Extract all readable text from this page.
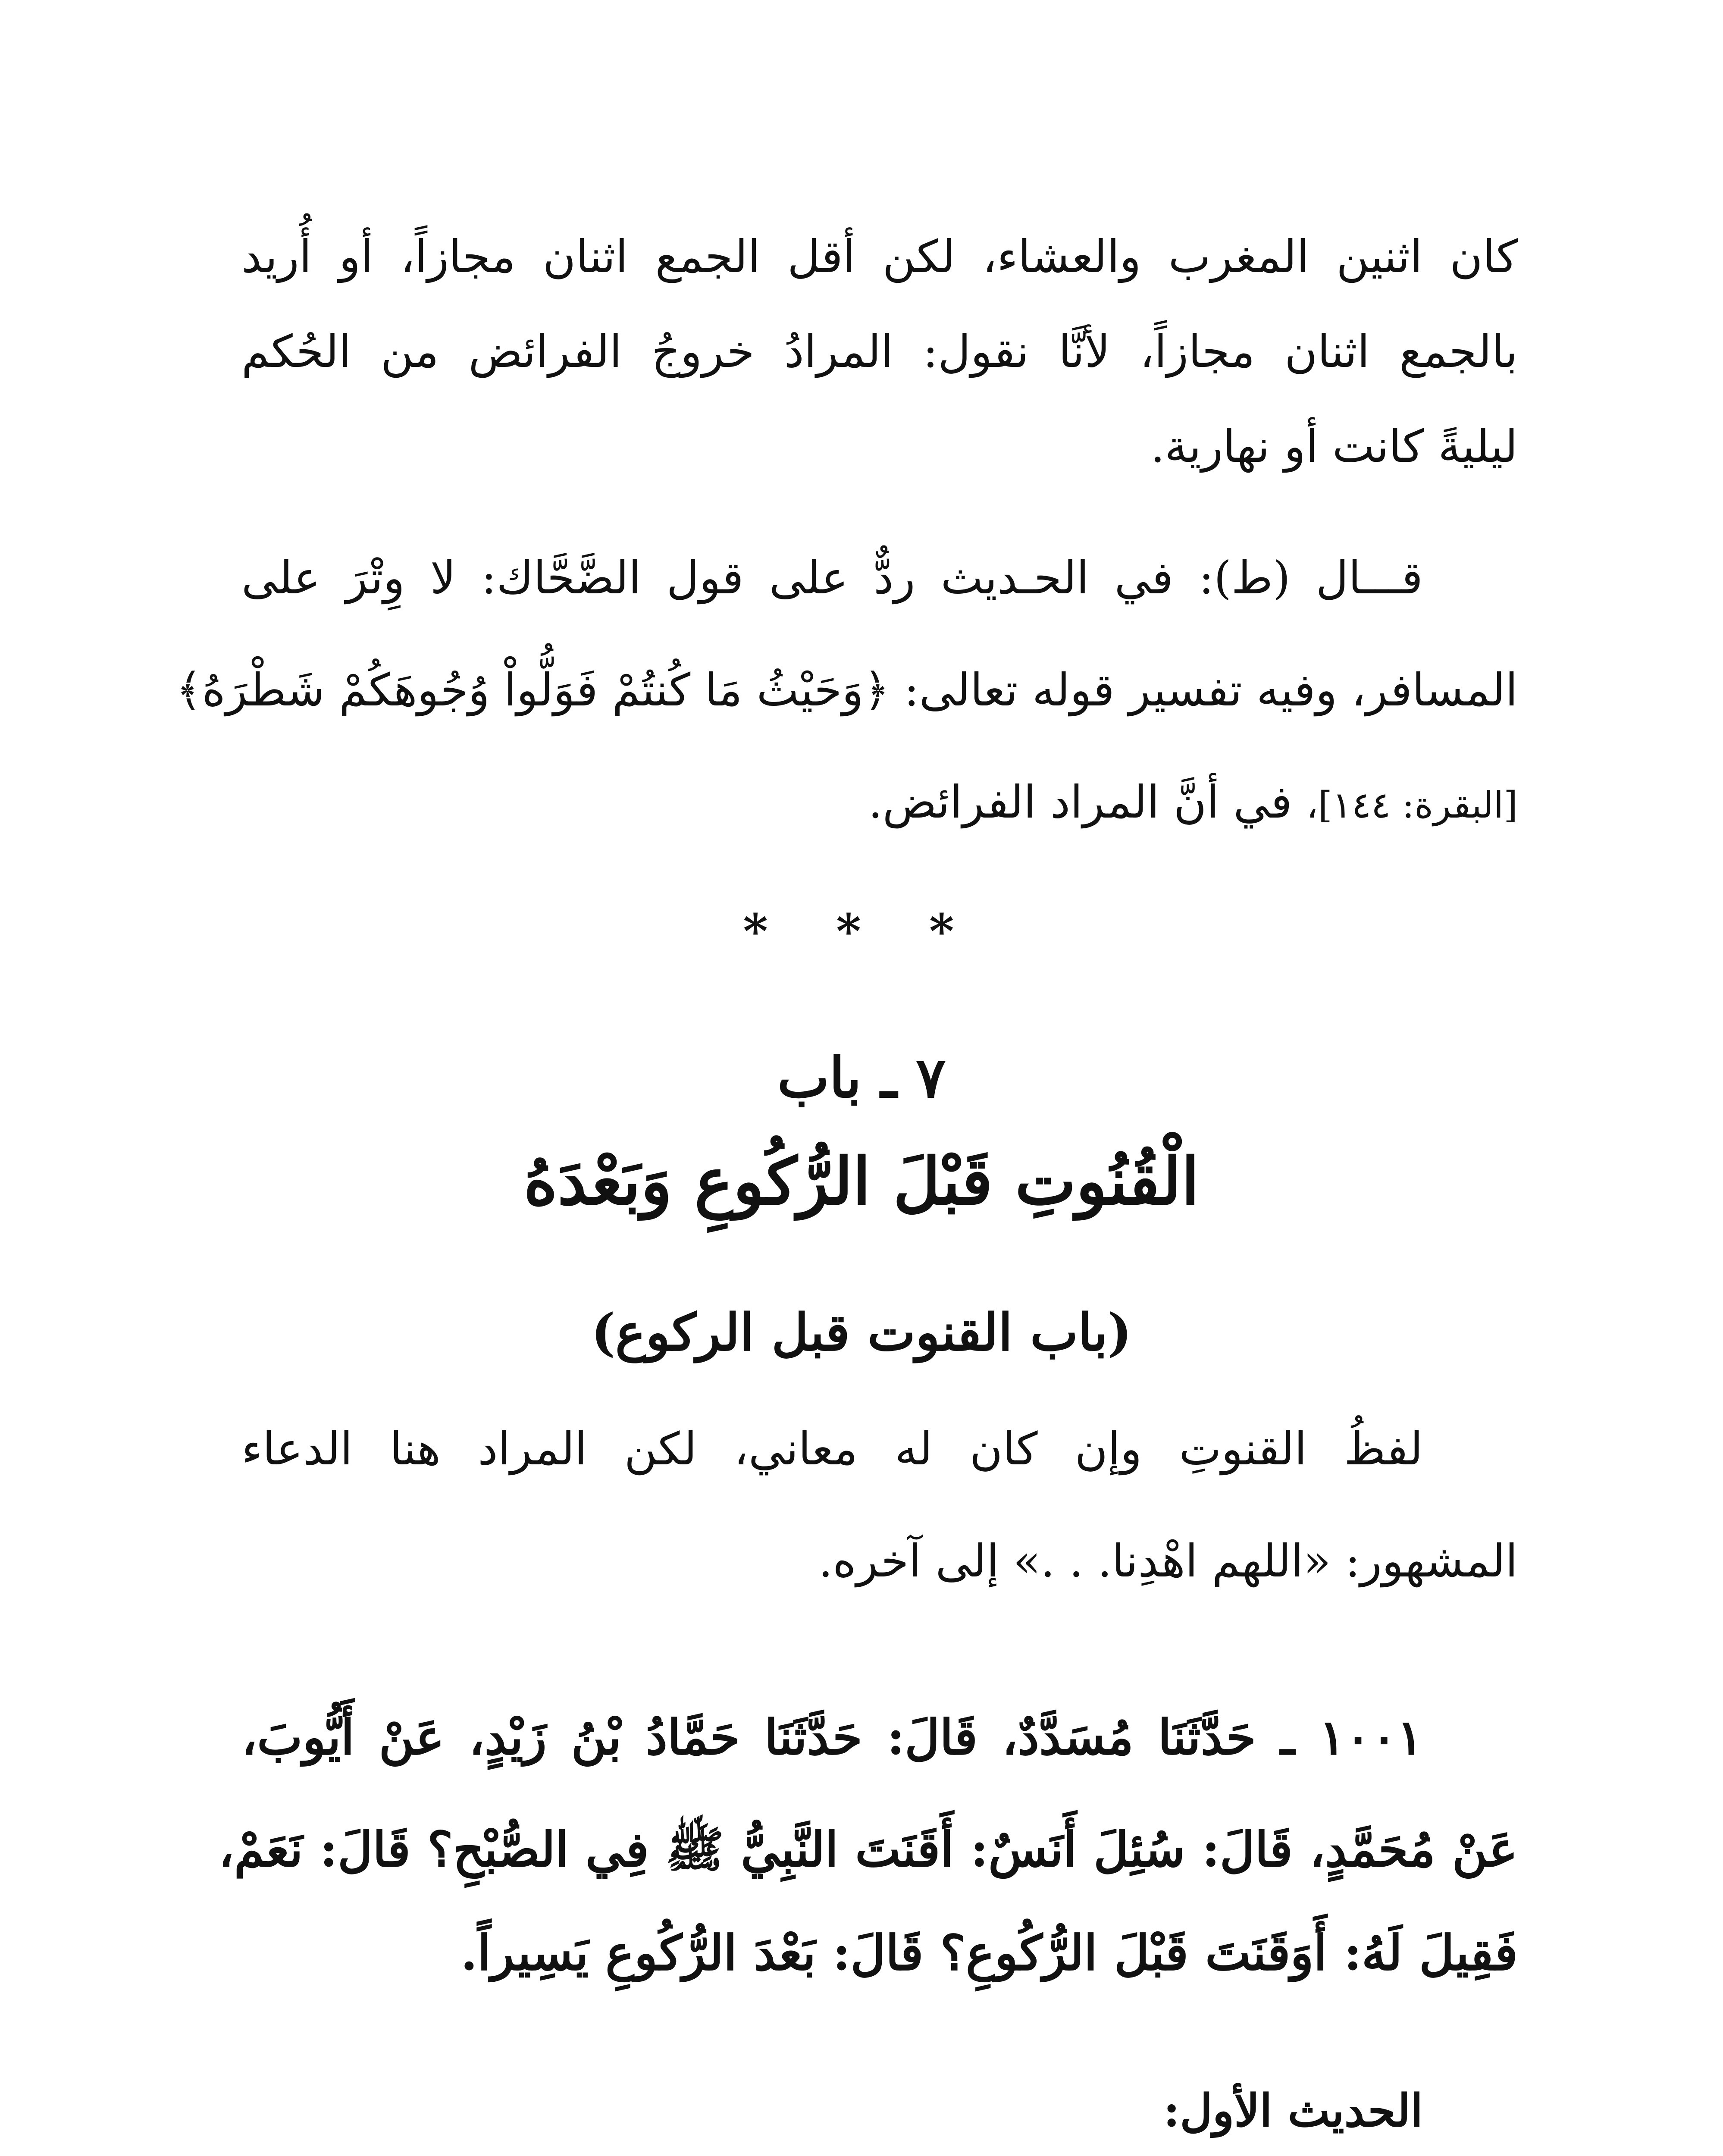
كان اثنين المغرب والعشاء، لكن أقل الجمع اثنان مجازاً، أو أُريد
بالجمع اثنان مجازاً، لأنَّا نقول: المرادُ خروجُ الفرائض من الحُكم
ليليةً كانت أو نهارية.
قـــال (ط): في الحـديث ردٌّ على قول الضَّحَّاك: لا وِتْرَ على
المسافر، وفيه تفسير قوله تعالى: ﴿وَحَيْثُ مَا كُنتُمْ فَوَلُّواْ وُجُوهَكُمْ شَطْرَهُ﴾
[البقرة: ١٤٤]، في أنَّ المراد الفرائض.
* * *
٧ ـ باب
الْقُنُوتِ قَبْلَ الرُّكُوعِ وَبَعْدَهُ
(باب القنوت قبل الركوع)
لفظُ القنوتِ وإن كان له معاني، لكن المراد هنا الدعاء
المشهور: «اللهم اهْدِنا. . .» إلى آخره.
١٠٠١ ـ حَدَّثَنَا مُسَدَّدٌ، قَالَ: حَدَّثَنَا حَمَّادُ بْنُ زَيْدٍ، عَنْ أَيُّوبَ،
عَنْ مُحَمَّدٍ، قَالَ: سُئِلَ أَنَسٌ: أَقَنَتَ النَّبِيُّ ﷺ فِي الصُّبْحِ؟ قَالَ: نَعَمْ،
فَقِيلَ لَهُ: أَوَقَنَتَ قَبْلَ الرُّكُوعِ؟ قَالَ: بَعْدَ الرُّكُوعِ يَسِيراً.
الحديث الأول:
